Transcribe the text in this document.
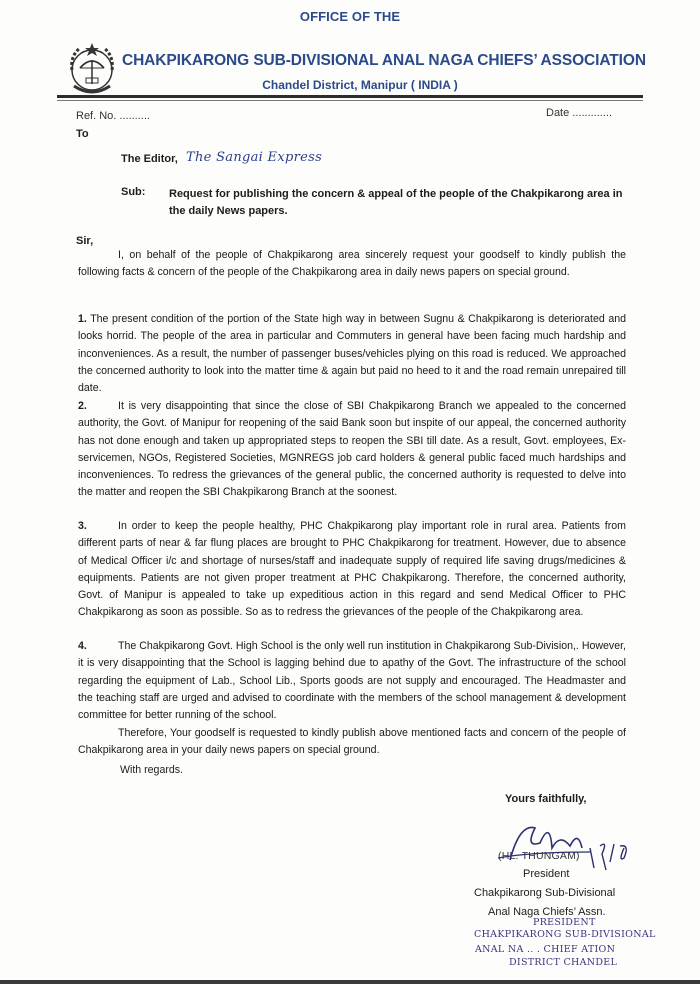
OFFICE OF THE
CHAKPIKARONG SUB-DIVISIONAL ANAL NAGA CHIEFS’ ASSOCIATION
Chandel District, Manipur ( INDIA )
Ref. No. ..........	Date .............
To
The Editor, The Sangai Express
Sub: Request for publishing the concern & appeal of the people of the Chakpikarong area in the daily News papers.
Sir,
I, on behalf of the people of Chakpikarong area sincerely request your goodself to kindly publish the following facts & concern of the people of the Chakpikarong area in daily news papers on special ground.
1. The present condition of the portion of the State high way in between Sugnu & Chakpikarong is deteriorated and looks horrid. The people of the area in particular and Commuters in general have been facing much hardship and inconveniences. As a result, the number of passenger buses/vehicles plying on this road is reduced. We approached the concerned authority to look into the matter time & again but paid no heed to it and the road remain unrepaired till date.
2.	It is very disappointing that since the close of SBI Chakpikarong Branch we appealed to the concerned authority, the Govt. of Manipur for reopening of the said Bank soon but inspite of our appeal, the concerned authority has not done enough and taken up appropriated steps to reopen the SBI till date. As a result, Govt. employees, Ex-servicemen, NGOs, Registered Societies, MGNREGS job card holders & general public faced much hardships and inconveniences. To redress the grievances of the general public, the concerned authority is requested to delve into the matter and reopen the SBI Chakpikarong Branch at the soonest.
3.	In order to keep the people healthy, PHC Chakpikarong play important role in rural area. Patients from different parts of near & far flung places are brought to PHC Chakpikarong for treatment. However, due to absence of Medical Officer i/c and shortage of nurses/staff and inadequate supply of required life saving drugs/medicines & equipments. Patients are not given proper treatment at PHC Chakpikarong. Therefore, the concerned authority, Govt. of Manipur is appealed to take up expeditious action in this regard and send Medical Officer to PHC Chakpikarong as soon as possible. So as to redress the grievances of the people of the Chakpikarong area.
4.	The Chakpikarong Govt. High School is the only well run institution in Chakpikarong Sub-Division,. However, it is very disappointing that the School is lagging behind due to apathy of the Govt. The infrastructure of the school regarding the equipment of Lab., School Lib., Sports goods are not supply and encouraged. The Headmaster and the teaching staff are urged and advised to coordinate with the members of the school management & development committee for better running of the school.
Therefore, Your goodself is requested to kindly publish above mentioned facts and concern of the people of Chakpikarong area in your daily news papers on special ground.
With regards.
Yours faithfully,
(HL. THUNGAM)
President
Chakpikarong Sub-Divisional
Anal Naga Chiefs’ Assn.
PRESIDENT
CHAKPIKARONG SUB-DIVISIONAL
ANAL NA .. . CHIEF ATION
DISTRICT CHANDEL
